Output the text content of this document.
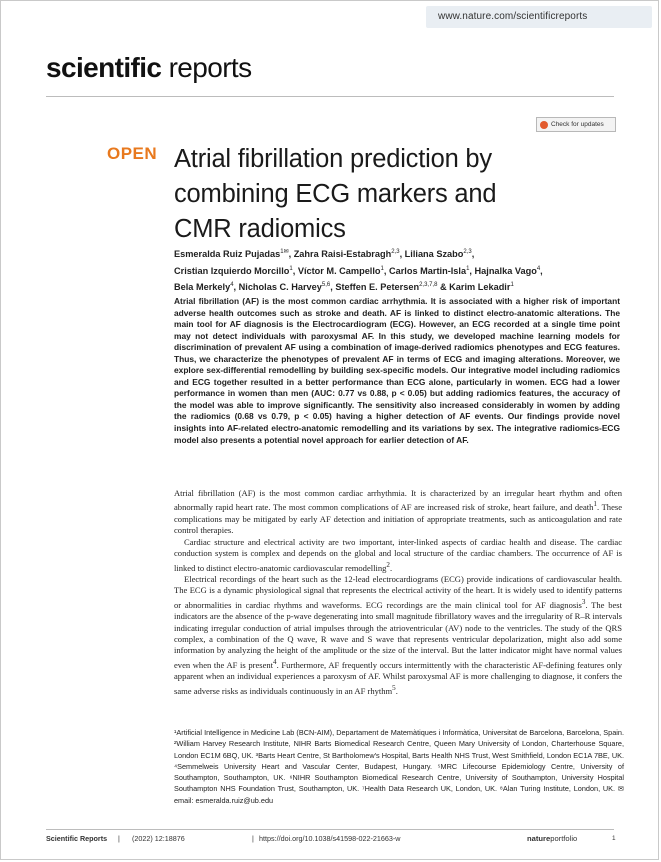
www.nature.com/scientificreports
scientific reports
Check for updates
OPEN Atrial fibrillation prediction by combining ECG markers and CMR radiomics
Esmeralda Ruiz Pujadas$^{1✉}$, Zahra Raisi-Estabragh$^{2,3}$, Liliana Szabo$^{2,3}$,
Cristian Izquierdo Morcillo$^1$, Víctor M. Campello$^1$, Carlos Martin-Isla$^1$, Hajnalka Vago$^4$,
Bela Merkely$^4$, Nicholas C. Harvey$^{5,6}$, Steffen E. Petersen$^{2,3,7,8}$ & Karim Lekadir$^1$

Atrial fibrillation (AF) is the most common cardiac arrhythmia. It is associated with a higher risk of important adverse health outcomes such as stroke and death. AF is linked to distinct electro-anatomic alterations. The main tool for AF diagnosis is the Electrocardiogram (ECG). However, an ECG recorded at a single time point may not detect individuals with paroxysmal AF. In this study, we developed machine learning models for discrimination of prevalent AF using a combination of image-derived radiomics phenotypes and ECG features. Thus, we characterize the phenotypes of prevalent AF in terms of ECG and imaging alterations. Moreover, we explore sex-differential remodelling by building sex-specific models. Our integrative model including radiomics and ECG together resulted in a better performance than ECG alone, particularly in women. ECG had a lower performance in women than men (AUC: 0.77 vs 0.88, p < 0.05) but adding radiomics features, the accuracy of the model was able to improve significantly. The sensitivity also increased considerably in women by adding the radiomics (0.68 vs 0.79, p < 0.05) having a higher detection of AF events. Our findings provide novel insights into AF-related electro-anatomic remodelling and its variations by sex. The integrative radiomics-ECG model also presents a potential novel approach for earlier detection of AF.

Atrial fibrillation (AF) is the most common cardiac arrhythmia. It is characterized by an irregular heart rhythm and often abnormally rapid heart rate. The most common complications of AF are increased risk of stroke, heart failure, and death$^1$. These complications may be mitigated by early AF detection and initiation of appropriate treatments, such as anticoagulation and rate control therapies.

Cardiac structure and electrical activity are two important, inter-linked aspects of cardiac health and disease. The cardiac conduction system is complex and depends on the global and local structure of the cardiac chambers. The occurrence of AF is linked to distinct electro-anatomic cardiovascular remodelling$^2$.

Electrical recordings of the heart such as the 12-lead electrocardiograms (ECG) provide indications of cardiovascular health. The ECG is a dynamic physiological signal that represents the electrical activity of the heart. It is widely used to identify patterns or abnormalities in cardiac rhythms and waveforms. ECG recordings are the main clinical tool for AF diagnosis$^3$. The best indicators are the absence of the p-wave degenerating into small magnitude fibrillatory waves and the irregularity of R–R intervals indicating irregular conduction of atrial impulses through the atrioventricular (AV) node to the ventricles. The study of the QRS complex, a combination of the Q wave, R wave and S wave that represents ventricular depolarization, might also add some information by analyzing the height of the amplitude or the size of the interval. But the latter indicator might have normal values even when the AF is present$^4$. Furthermore, AF frequently occurs intermittently with the characteristic AF-defining features only apparent when an individual experiences a paroxysm of AF. Whilst paroxysmal AF is more challenging to diagnose, it confers the same adverse risks as individuals continuously in an AF rhythm$^5$.

¹Artificial Intelligence in Medicine Lab (BCN-AIM), Departament de Matemàtiques i Informàtica, Universitat de Barcelona, Barcelona, Spain. ²William Harvey Research Institute, NIHR Barts Biomedical Research Centre, Queen Mary University of London, Charterhouse Square, London EC1M 6BQ, UK. ³Barts Heart Centre, St Bartholomew's Hospital, Barts Health NHS Trust, West Smithfield, London EC1A 7BE, UK. ⁴Semmelweis University Heart and Vascular Center, Budapest, Hungary. ⁵MRC Lifecourse Epidemiology Centre, University of Southampton, Southampton, UK. ⁶NIHR Southampton Biomedical Research Centre, University of Southampton, University Hospital Southampton NHS Foundation Trust, Southampton, UK. ⁷Health Data Research UK, London, UK. ⁸Alan Turing Institute, London, UK. ✉email: esmeralda.ruiz@ub.edu

Scientific Reports | (2022) 12:18876	| https://doi.org/10.1038/s41598-022-21663-w	natureportfolio	1
